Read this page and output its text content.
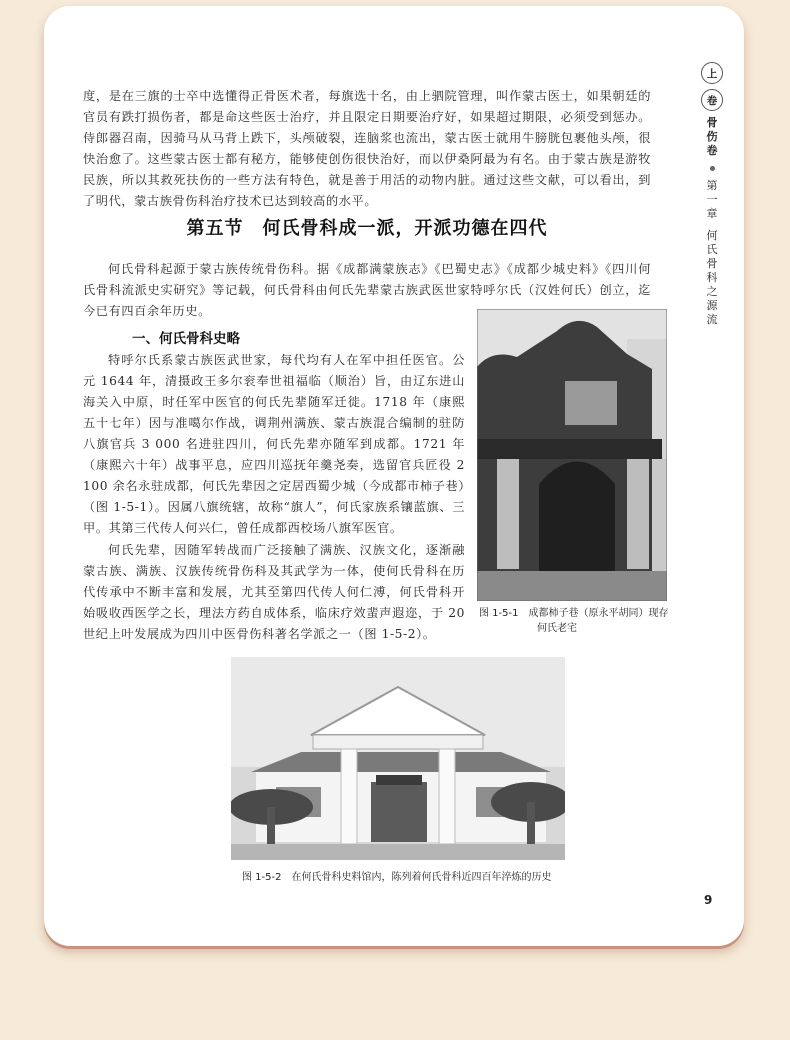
上
卷
骨
伤
卷
第
一
章
何
氏
骨
科
之
源
流

度，是在三旗的士卒中选懂得正骨医术者，每旗选十名，由上驷院管理，叫作蒙古医士，如果朝廷的官员有跌打损伤者，都是命这些医士治疗，并且限定日期要治疗好，如果超过期限，必须受到惩办。侍郎器召南，因骑马从马背上跌下，头颅破裂，连脑浆也流出，蒙古医士就用牛膀胱包裹他头颅，很快治愈了。这些蒙古医士都有秘方，能够使创伤很快治好，而以伊桑阿最为有名。由于蒙古族是游牧民族，所以其救死扶伤的一些方法有特色，就是善于用活的动物内脏。通过这些文献，可以看出，到了明代，蒙古族骨伤科治疗技术已达到较高的水平。

第五节　何氏骨科成一派，开派功德在四代

何氏骨科起源于蒙古族传统骨伤科。据《成都满蒙族志》《巴蜀史志》《成都少城史料》《四川何氏骨科流派史实研究》等记载，何氏骨科由何氏先辈蒙古族武医世家特呼尔氏（汉姓何氏）创立，迄今已有四百余年历史。

一、何氏骨科史略

特呼尔氏系蒙古族医武世家，每代均有人在军中担任医官。公元 1644 年，清摄政王多尔衮奉世祖福临（顺治）旨，由辽东进山海关入中原，时任军中医官的何氏先辈随军迁徙。1718 年（康熙五十七年）因与准噶尔作战，调荆州满族、蒙古族混合编制的驻防八旗官兵 3 000 名进驻四川，何氏先辈亦随军到成都。1721 年（康熙六十年）战事平息，应四川巡抚年羹尧奏，选留官兵匠役 2 100 余名永驻成都，何氏先辈因之定居西蜀少城（今成都市柿子巷）（图 1-5-1）。因属八旗统辖，故称“旗人”，何氏家族系镶蓝旗、三甲。其第三代传人何兴仁，曾任成都西校场八旗军医官。

何氏先辈，因随军转战而广泛接触了满族、汉族文化，逐渐融蒙古族、满族、汉族传统骨伤科及其武学为一体，使何氏骨科在历代传承中不断丰富和发展，尤其至第四代传人何仁溥，何氏骨科开始吸收西医学之长，理法方药自成体系，临床疗效蜚声遐迩，于 20 世纪上叶发展成为四川中医骨伤科著名学派之一（图 1-5-2）。

图 1-5-1 成都柿子巷（原永平胡同）现存
何氏老宅
图 1-5-2 在何氏骨科史料馆内，陈列着何氏骨科近四百年淬炼的历史
9
